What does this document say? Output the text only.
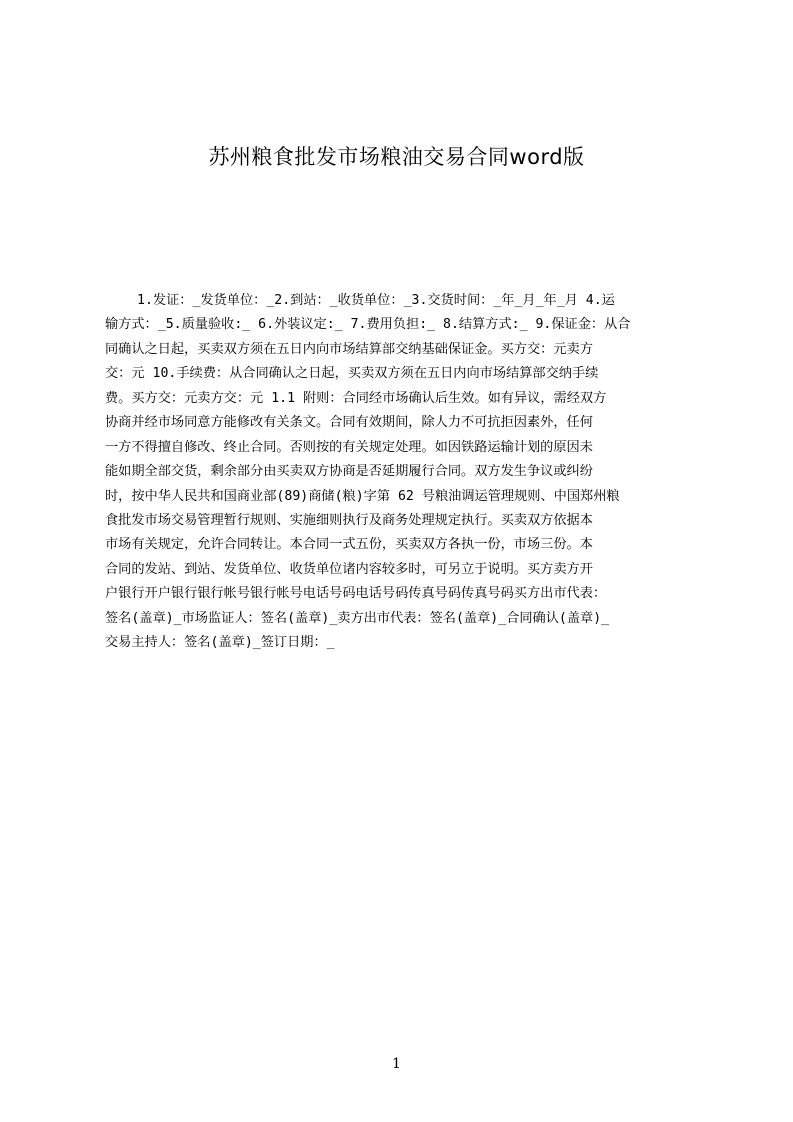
苏州粮食批发市场粮油交易合同word版
1.发证：_发货单位：_2.到站：_收货单位：_3.交货时间：_年_月_年_月 4.运
输方式：_5.质量验收:_ 6.外装议定:_ 7.费用负担:_ 8.结算方式:_ 9.保证金：从合
同确认之日起，买卖双方须在五日内向市场结算部交纳基础保证金。买方交：元卖方
交：元 10.手续费：从合同确认之日起，买卖双方须在五日内向市场结算部交纳手续
费。买方交：元卖方交：元 1.1 附则：合同经市场确认后生效。如有异议，需经双方
协商并经市场同意方能修改有关条文。合同有效期间，除人力不可抗拒因素外，任何
一方不得擅自修改、终止合同。否则按的有关规定处理。如因铁路运输计划的原因未
能如期全部交货，剩余部分由买卖双方协商是否延期履行合同。双方发生争议或纠纷
时，按中华人民共和国商业部(89)商储(粮)字第 62 号粮油调运管理规则、中国郑州粮
食批发市场交易管理暂行规则、实施细则执行及商务处理规定执行。买卖双方依据本
市场有关规定，允许合同转让。本合同一式五份，买卖双方各执一份，市场三份。本
合同的发站、到站、发货单位、收货单位诸内容较多时，可另立于说明。买方卖方开
户银行开户银行银行帐号银行帐号电话号码电话号码传真号码传真号码买方出市代表：
签名(盖章)_市场监证人：签名(盖章)_卖方出市代表：签名(盖章)_合同确认(盖章)_
交易主持人：签名(盖章)_签订日期：_
1
